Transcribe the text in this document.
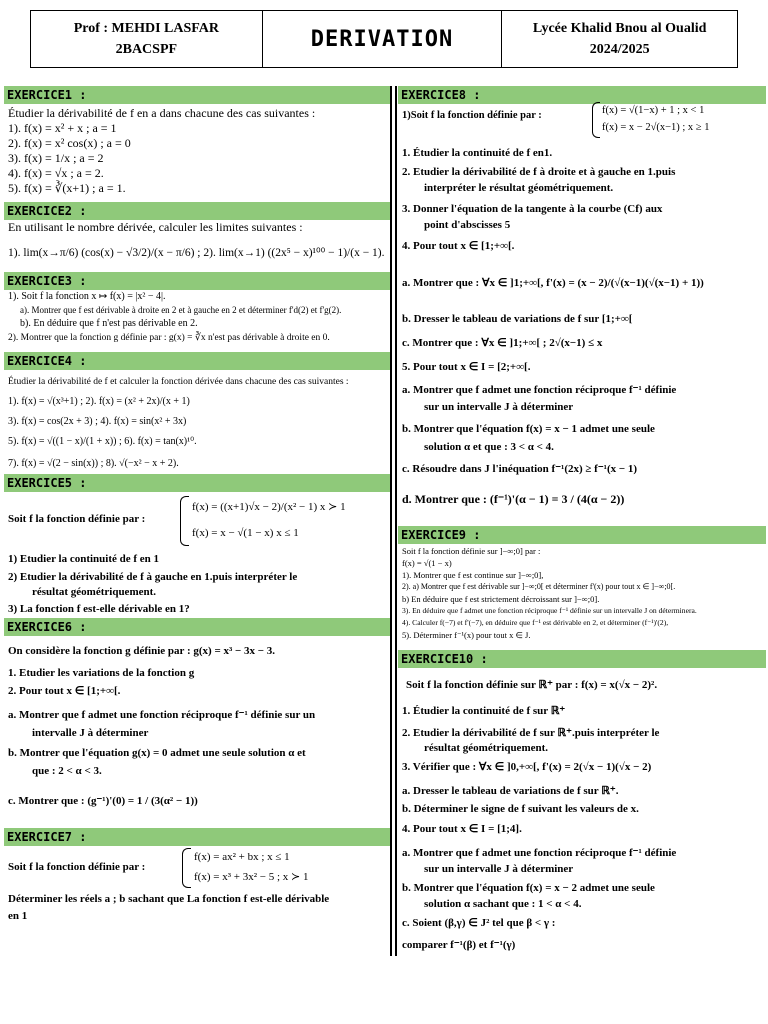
Prof : MEHDI LASFAR
2BACSPF	DERIVATION	Lycée Khalid Bnou al Oualid
2024/2025
EXERCICE1 :
Étudier la dérivabilité de f en a dans chacune des cas suivantes :
1). f(x) = x² + x ; a = 1
2). f(x) = x² cos(x) ; a = 0
3). f(x) = 1/x ; a = 2
4). f(x) = √x ; a = 2.
5). f(x) = ∛(x+1) ; a = 1.
EXERCICE2 :
En utilisant le nombre dérivée, calculer les limites suivantes :
1). lim(x→π/6) (cos(x) − √3/2)/(x − π/6) ; 2). lim(x→1) ((2x⁵ − x)¹⁰⁰ − 1)/(x − 1).
EXERCICE3 :
1). Soit f la fonction x ↦ f(x) = |x² − 4|.
a). Montrer que f est dérivable à droite en 2 et à gauche en 2 et déterminer f'd(2) et f'g(2).
b). En déduire que f n'est pas dérivable en 2.
2). Montrer que la fonction g définie par : g(x) = ∛x n'est pas dérivable à droite en 0.
EXERCICE4 :
Étudier la dérivabilité de f et calculer la fonction dérivée dans chacune des cas suivantes :
1). f(x) = √(x³+1) ; 2). f(x) = (x² + 2x)/(x + 1)
3). f(x) = cos(2x + 3) ; 4). f(x) = sin(x² + 3x)
5). f(x) = √((1 − x)/(1 + x)) ; 6). f(x) = tan(x)¹⁰.
7). f(x) = √(2 − sin(x)) ; 8). √(−x² − x + 2).
EXERCICE5 :
Soit f la fonction définie par :
f(x) = ((x+1)√x − 2)/(x² − 1) x ≻ 1
f(x) = x − √(1 − x) x ≤ 1
1) Etudier la continuité de f en 1
2) Etudier la dérivabilité de f à gauche en 1.puis interpréter le
résultat géométriquement.
3) La fonction f est-elle dérivable en 1?
EXERCICE6 :
On considère la fonction g définie par : g(x) = x³ − 3x − 3.
1. Etudier les variations de la fonction g
2. Pour tout x ∈ [1;+∞[.
a. Montrer que f admet une fonction réciproque f⁻¹ définie sur un
intervalle J à déterminer
b. Montrer que l'équation g(x) = 0 admet une seule solution α et
que : 2 < α < 3.
c. Montrer que : (g⁻¹)'(0) = 1 / (3(α² − 1))
EXERCICE7 :
Soit f la fonction définie par :
f(x) = ax² + bx ; x ≤ 1
f(x) = x³ + 3x² − 5 ; x ≻ 1
Déterminer les réels a ; b sachant que La fonction f est-elle dérivable
en 1
EXERCICE8 :
1)Soit f la fonction définie par :	f(x) = √(1−x) + 1 ; x < 1
f(x) = x − 2√(x−1) ; x ≥ 1
1. Étudier la continuité de f en1.
2. Etudier la dérivabilité de f à droite et à gauche en 1.puis
interpréter le résultat géométriquement.
3. Donner l'équation de la tangente à la courbe (Cf) aux
point d'abscisses 5
4. Pour tout x ∈ [1;+∞[.
a. Montrer que : ∀x ∈ ]1;+∞[, f'(x) = (x − 2)/(√(x−1)(√(x−1) + 1))
b. Dresser le tableau de variations de f sur [1;+∞[
c. Montrer que : ∀x ∈ ]1;+∞[ ; 2√(x−1) ≤ x
5. Pour tout x ∈ I = [2;+∞[.
a. Montrer que f admet une fonction réciproque f⁻¹ définie
sur un intervalle J à déterminer
b. Montrer que l'équation f(x) = x − 1 admet une seule
solution α et que : 3 < α < 4.
c. Résoudre dans J l'inéquation f⁻¹(2x) ≥ f⁻¹(x − 1)
d. Montrer que : (f⁻¹)'(α − 1) = 3 / (4(α − 2))
EXERCICE9 :
Soit f la fonction définie sur ]−∞;0] par :
f(x) = √(1 − x)
1). Montrer que f est continue sur ]−∞;0],
2). a) Montrer que f est dérivable sur ]−∞;0[ et déterminer f'(x) pour tout x ∈ ]−∞;0[.
b) En déduire que f est strictement décroissant sur ]−∞;0].
3). En déduire que f admet une fonction réciproque f⁻¹ définie sur un intervalle J on déterminera.
4). Calculer f(−7) et f'(−7), en déduire que f⁻¹ est dérivable en 2, et déterminer (f⁻¹)'(2),
5). Déterminer f⁻¹(x) pour tout x ∈ J.
EXERCICE10 :
Soit f la fonction définie sur ℝ⁺ par : f(x) = x(√x − 2)².
1. Étudier la continuité de f sur ℝ⁺
2. Etudier la dérivabilité de f sur ℝ⁺.puis interpréter le
résultat géométriquement.
3. Vérifier que : ∀x ∈ ]0,+∞[, f'(x) = 2(√x − 1)(√x − 2)
a. Dresser le tableau de variations de f sur ℝ⁺.
b. Déterminer le signe de f suivant les valeurs de x.
4. Pour tout x ∈ I = [1;4].
a. Montrer que f admet une fonction réciproque f⁻¹ définie
sur un intervalle J à déterminer
b. Montrer que l'équation f(x) = x − 2 admet une seule
solution α sachant que : 1 < α < 4.
c. Soient (β,γ) ∈ J² tel que β < γ :
comparer f⁻¹(β) et f⁻¹(γ)
